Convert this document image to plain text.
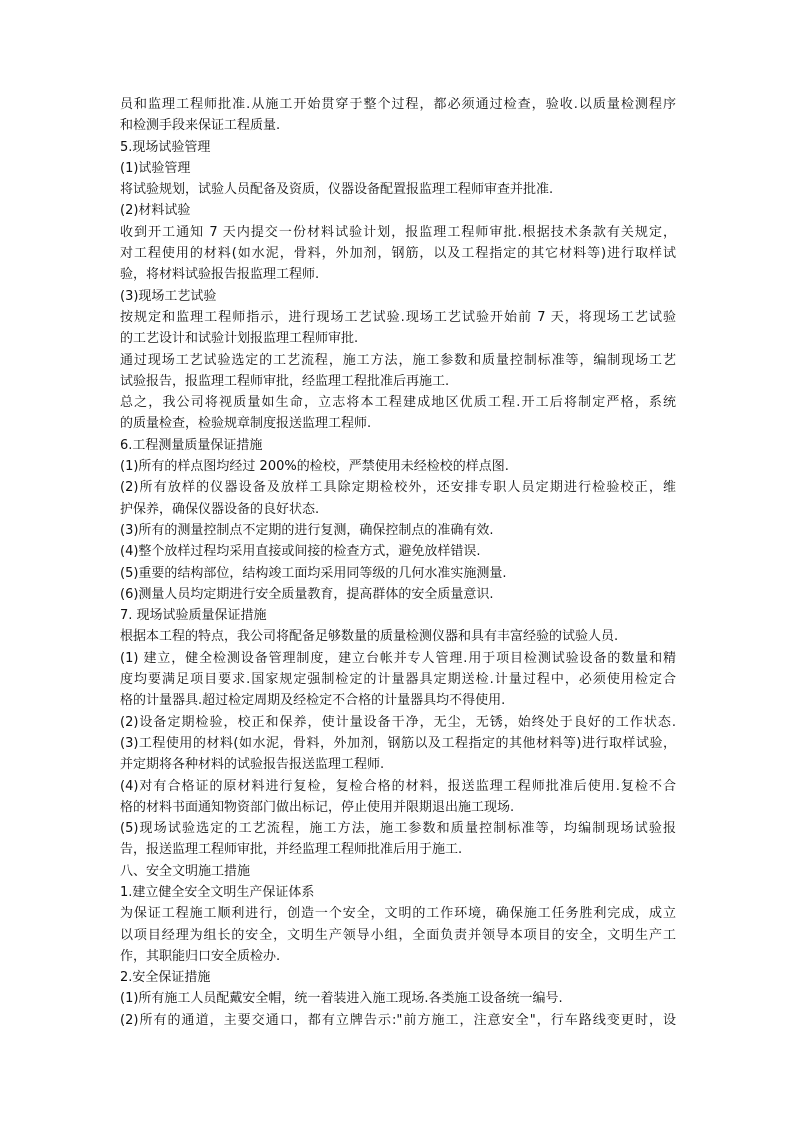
员和监理工程师批准.从施工开始贯穿于整个过程，都必须通过检查，验收.以质量检测程序
和检测手段来保证工程质量.
5.现场试验管理
(1)试验管理
将试验规划，试验人员配备及资质，仪器设备配置报监理工程师审查并批准.
(2)材料试验
收到开工通知 7 天内提交一份材料试验计划，报监理工程师审批.根据技术条款有关规定，
对工程使用的材料(如水泥，骨料，外加剂，钢筋，以及工程指定的其它材料等)进行取样试
验，将材料试验报告报监理工程师.
(3)现场工艺试验
按规定和监理工程师指示，进行现场工艺试验.现场工艺试验开始前 7 天，将现场工艺试验
的工艺设计和试验计划报监理工程师审批.
通过现场工艺试验选定的工艺流程，施工方法，施工参数和质量控制标准等，编制现场工艺
试验报告，报监理工程师审批，经监理工程批准后再施工.
总之，我公司将视质量如生命，立志将本工程建成地区优质工程.开工后将制定严格，系统
的质量检查，检验规章制度报送监理工程师.
6.工程测量质量保证措施
(1)所有的样点图均经过 200%的检校，严禁使用未经检校的样点图.
(2)所有放样的仪器设备及放样工具除定期检校外，还安排专职人员定期进行检验校正，维
护保养，确保仪器设备的良好状态.
(3)所有的测量控制点不定期的进行复测，确保控制点的准确有效.
(4)整个放样过程均采用直接或间接的检查方式，避免放样错误.
(5)重要的结构部位，结构竣工面均采用同等级的几何水准实施测量.
(6)测量人员均定期进行安全质量教育，提高群体的安全质量意识.
7. 现场试验质量保证措施
根据本工程的特点，我公司将配备足够数量的质量检测仪器和具有丰富经验的试验人员.
(1) 建立，健全检测设备管理制度，建立台帐并专人管理.用于项目检测试验设备的数量和精
度均要满足项目要求.国家规定强制检定的计量器具定期送检.计量过程中，必须使用检定合
格的计量器具.超过检定周期及经检定不合格的计量器具均不得使用.
(2)设备定期检验，校正和保养，使计量设备干净，无尘，无锈，始终处于良好的工作状态.
(3)工程使用的材料(如水泥，骨料，外加剂，钢筋以及工程指定的其他材料等)进行取样试验，
并定期将各种材料的试验报告报送监理工程师.
(4)对有合格证的原材料进行复检，复检合格的材料，报送监理工程师批准后使用.复检不合
格的材料书面通知物资部门做出标记，停止使用并限期退出施工现场.
(5)现场试验选定的工艺流程，施工方法，施工参数和质量控制标准等，均编制现场试验报
告，报送监理工程师审批，并经监理工程师批准后用于施工.
八、安全文明施工措施
1.建立健全安全文明生产保证体系
为保证工程施工顺利进行，创造一个安全，文明的工作环境，确保施工任务胜利完成，成立
以项目经理为组长的安全，文明生产领导小组，全面负责并领导本项目的安全，文明生产工
作，其职能归口安全质检办.
2.安全保证措施
(1)所有施工人员配戴安全帽，统一着装进入施工现场.各类施工设备统一编号.
(2)所有的通道，主要交通口，都有立牌告示:"前方施工，注意安全"，行车路线变更时，设
